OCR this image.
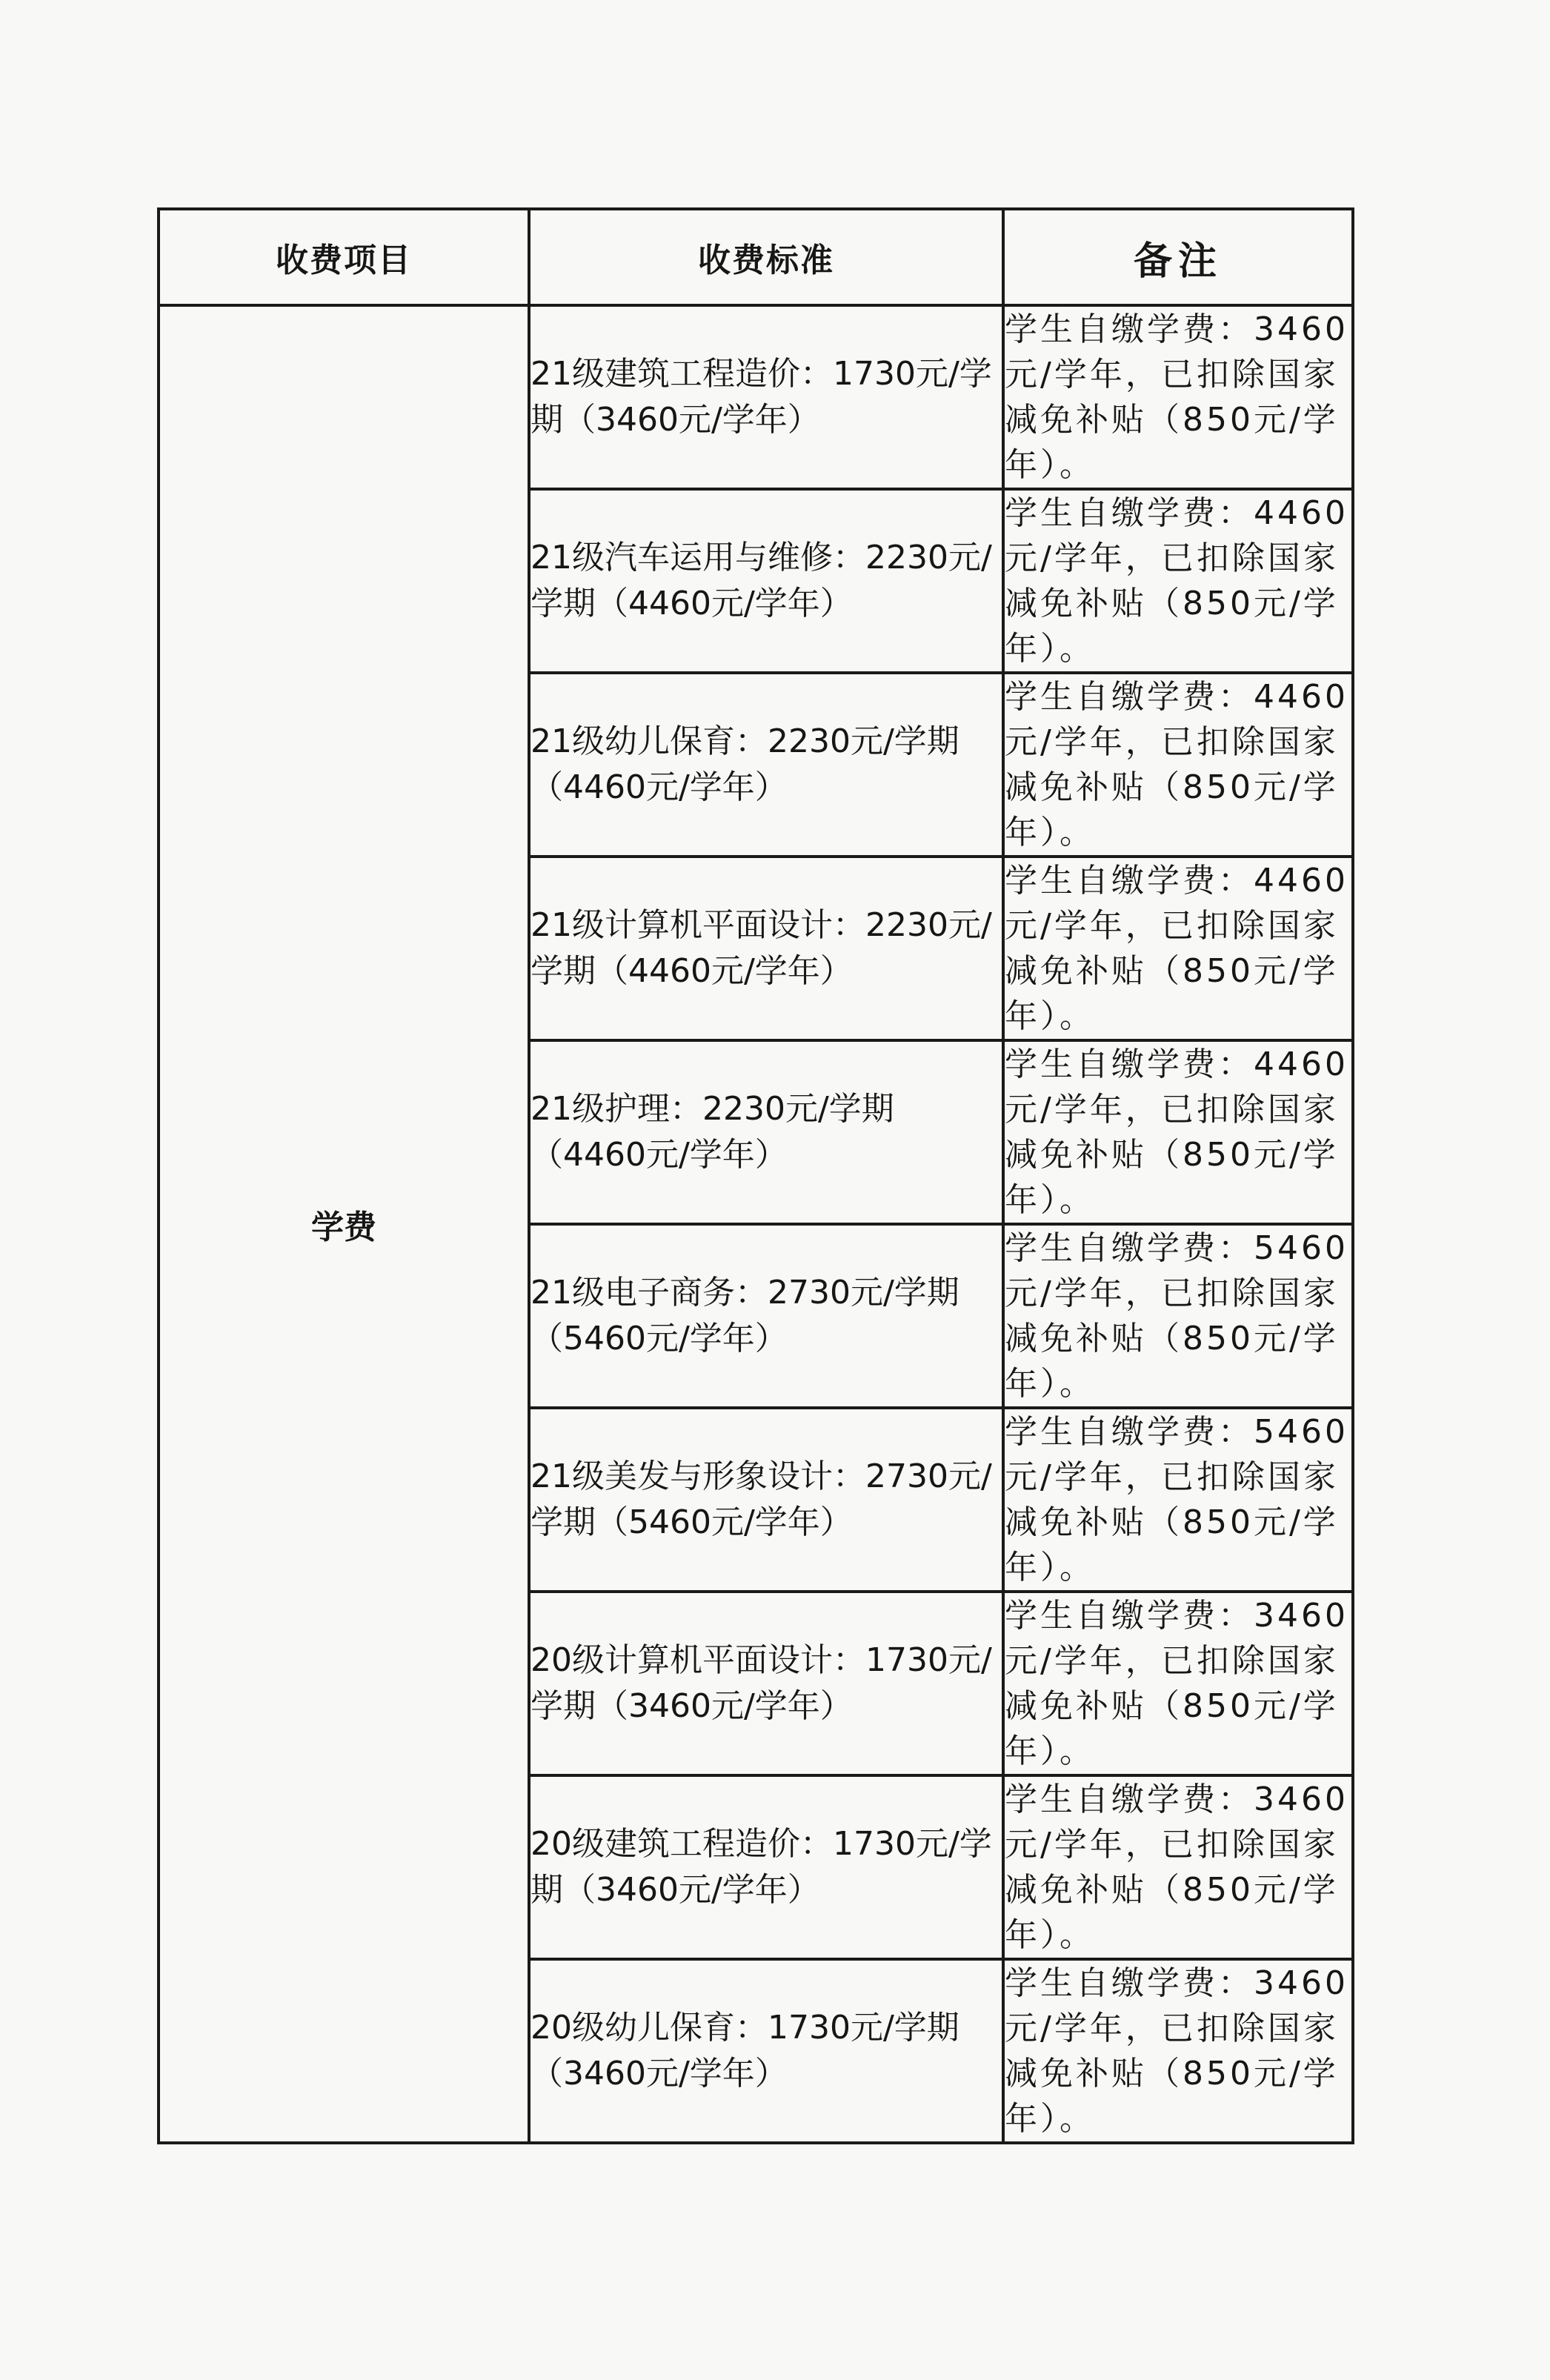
收费项目	收费标准	备注
学费	21级建筑工程造价：1730元/学期（3460元/学年）	学生自缴学费：3460元/学年，已扣除国家减免补贴（850元/学年）。
	21级汽车运用与维修：2230元/学期（4460元/学年）	学生自缴学费：4460元/学年，已扣除国家减免补贴（850元/学年）。
	21级幼儿保育：2230元/学期（4460元/学年）	学生自缴学费：4460元/学年，已扣除国家减免补贴（850元/学年）。
	21级计算机平面设计：2230元/学期（4460元/学年）	学生自缴学费：4460元/学年，已扣除国家减免补贴（850元/学年）。
	21级护理：2230元/学期（4460元/学年）	学生自缴学费：4460元/学年，已扣除国家减免补贴（850元/学年）。
	21级电子商务：2730元/学期（5460元/学年）	学生自缴学费：5460元/学年，已扣除国家减免补贴（850元/学年）。
	21级美发与形象设计：2730元/学期（5460元/学年）	学生自缴学费：5460元/学年，已扣除国家减免补贴（850元/学年）。
	20级计算机平面设计：1730元/学期（3460元/学年）	学生自缴学费：3460元/学年，已扣除国家减免补贴（850元/学年）。
	20级建筑工程造价：1730元/学期（3460元/学年）	学生自缴学费：3460元/学年，已扣除国家减免补贴（850元/学年）。
	20级幼儿保育：1730元/学期（3460元/学年）	学生自缴学费：3460元/学年，已扣除国家减免补贴（850元/学年）。
